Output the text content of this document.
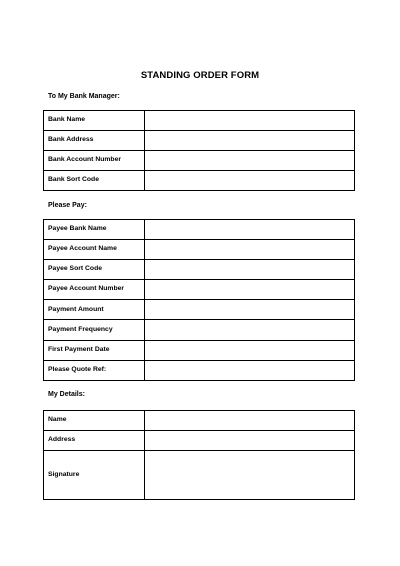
STANDING ORDER FORM
To My Bank Manager:
Bank Name	
Bank Address	
Bank Account Number	
Bank Sort Code	
Please Pay:
Payee Bank Name	
Payee Account Name	
Payee Sort Code	
Payee Account Number	
Payment Amount	
Payment Frequency	
First Payment Date	
Please Quote Ref:	
My Details:
Name	
Address	
Signature	
